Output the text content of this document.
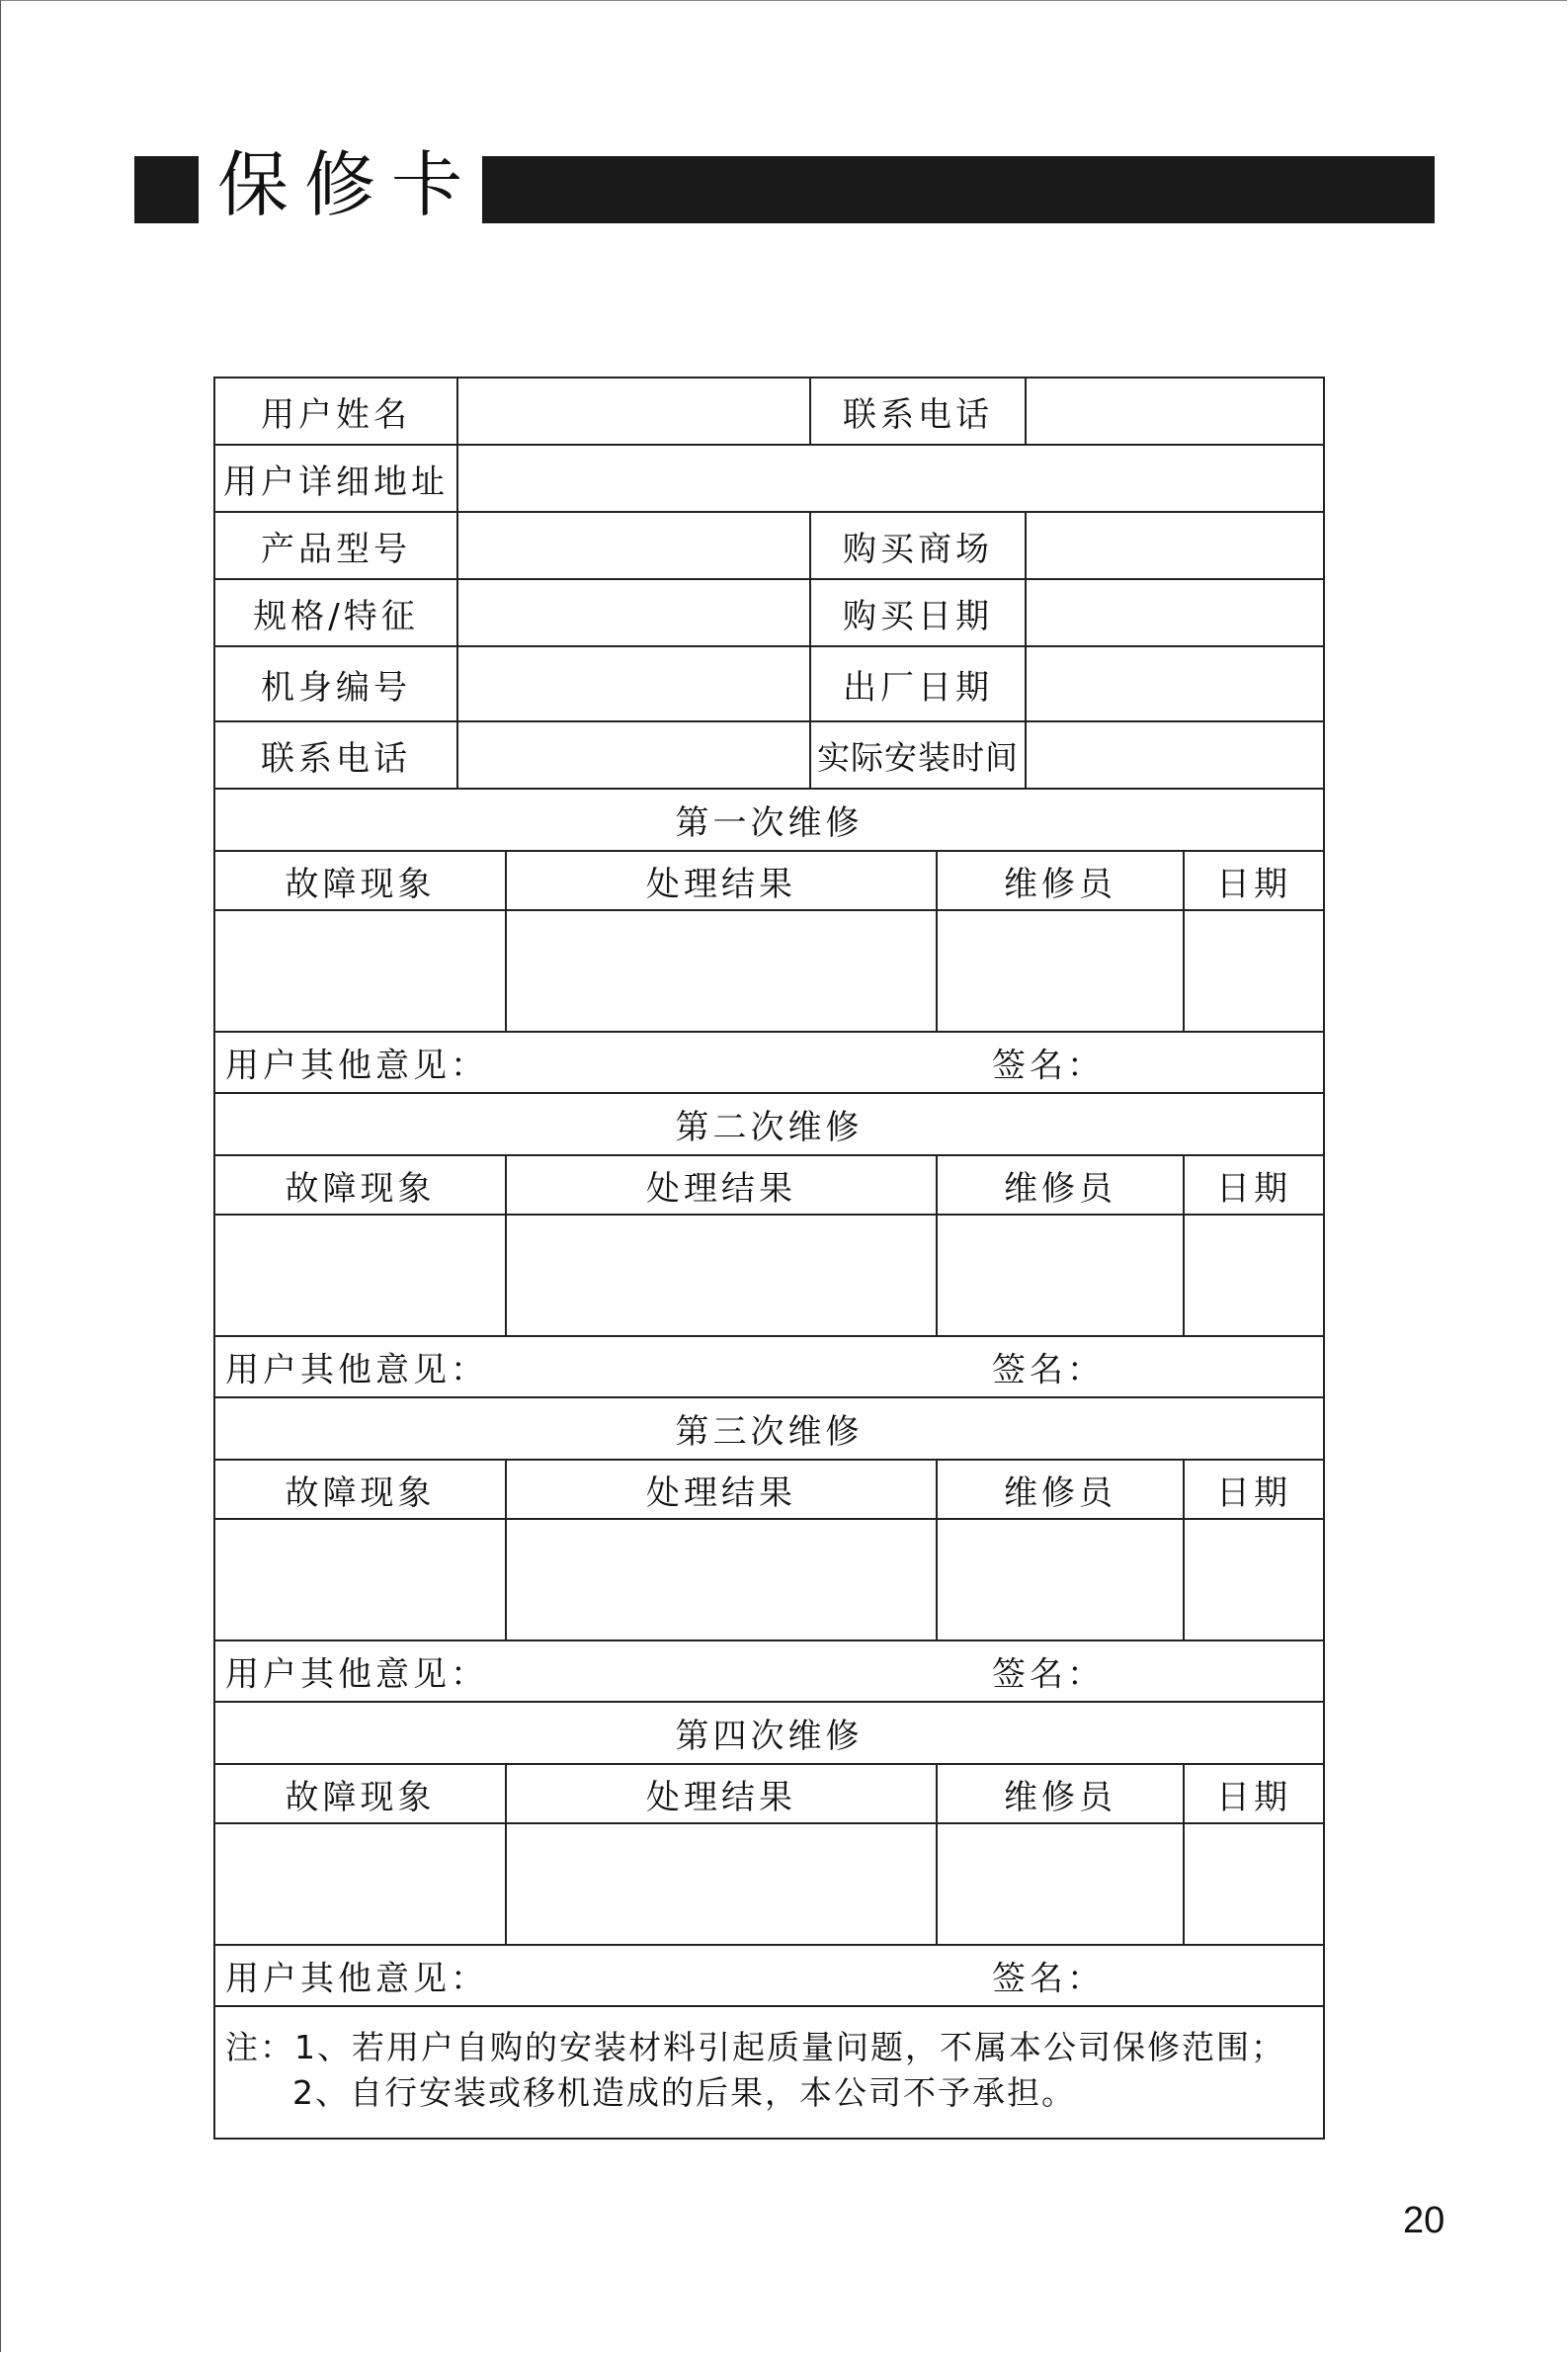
保修卡
用户姓名	联系电话
用户详细地址
产品型号	购买商场
规格/特征	购买日期
机身编号	出厂日期
联系电话	实际安装时间
第一次维修
故障现象	处理结果	维修员	日期
用户其他意见：	签名：
第二次维修
故障现象	处理结果	维修员	日期
用户其他意见：	签名：
第三次维修
故障现象	处理结果	维修员	日期
用户其他意见：	签名：
第四次维修
故障现象	处理结果	维修员	日期
用户其他意见：	签名：
注：1、若用户自购的安装材料引起质量问题，不属本公司保修范围；
2、自行安装或移机造成的后果，本公司不予承担。
20
